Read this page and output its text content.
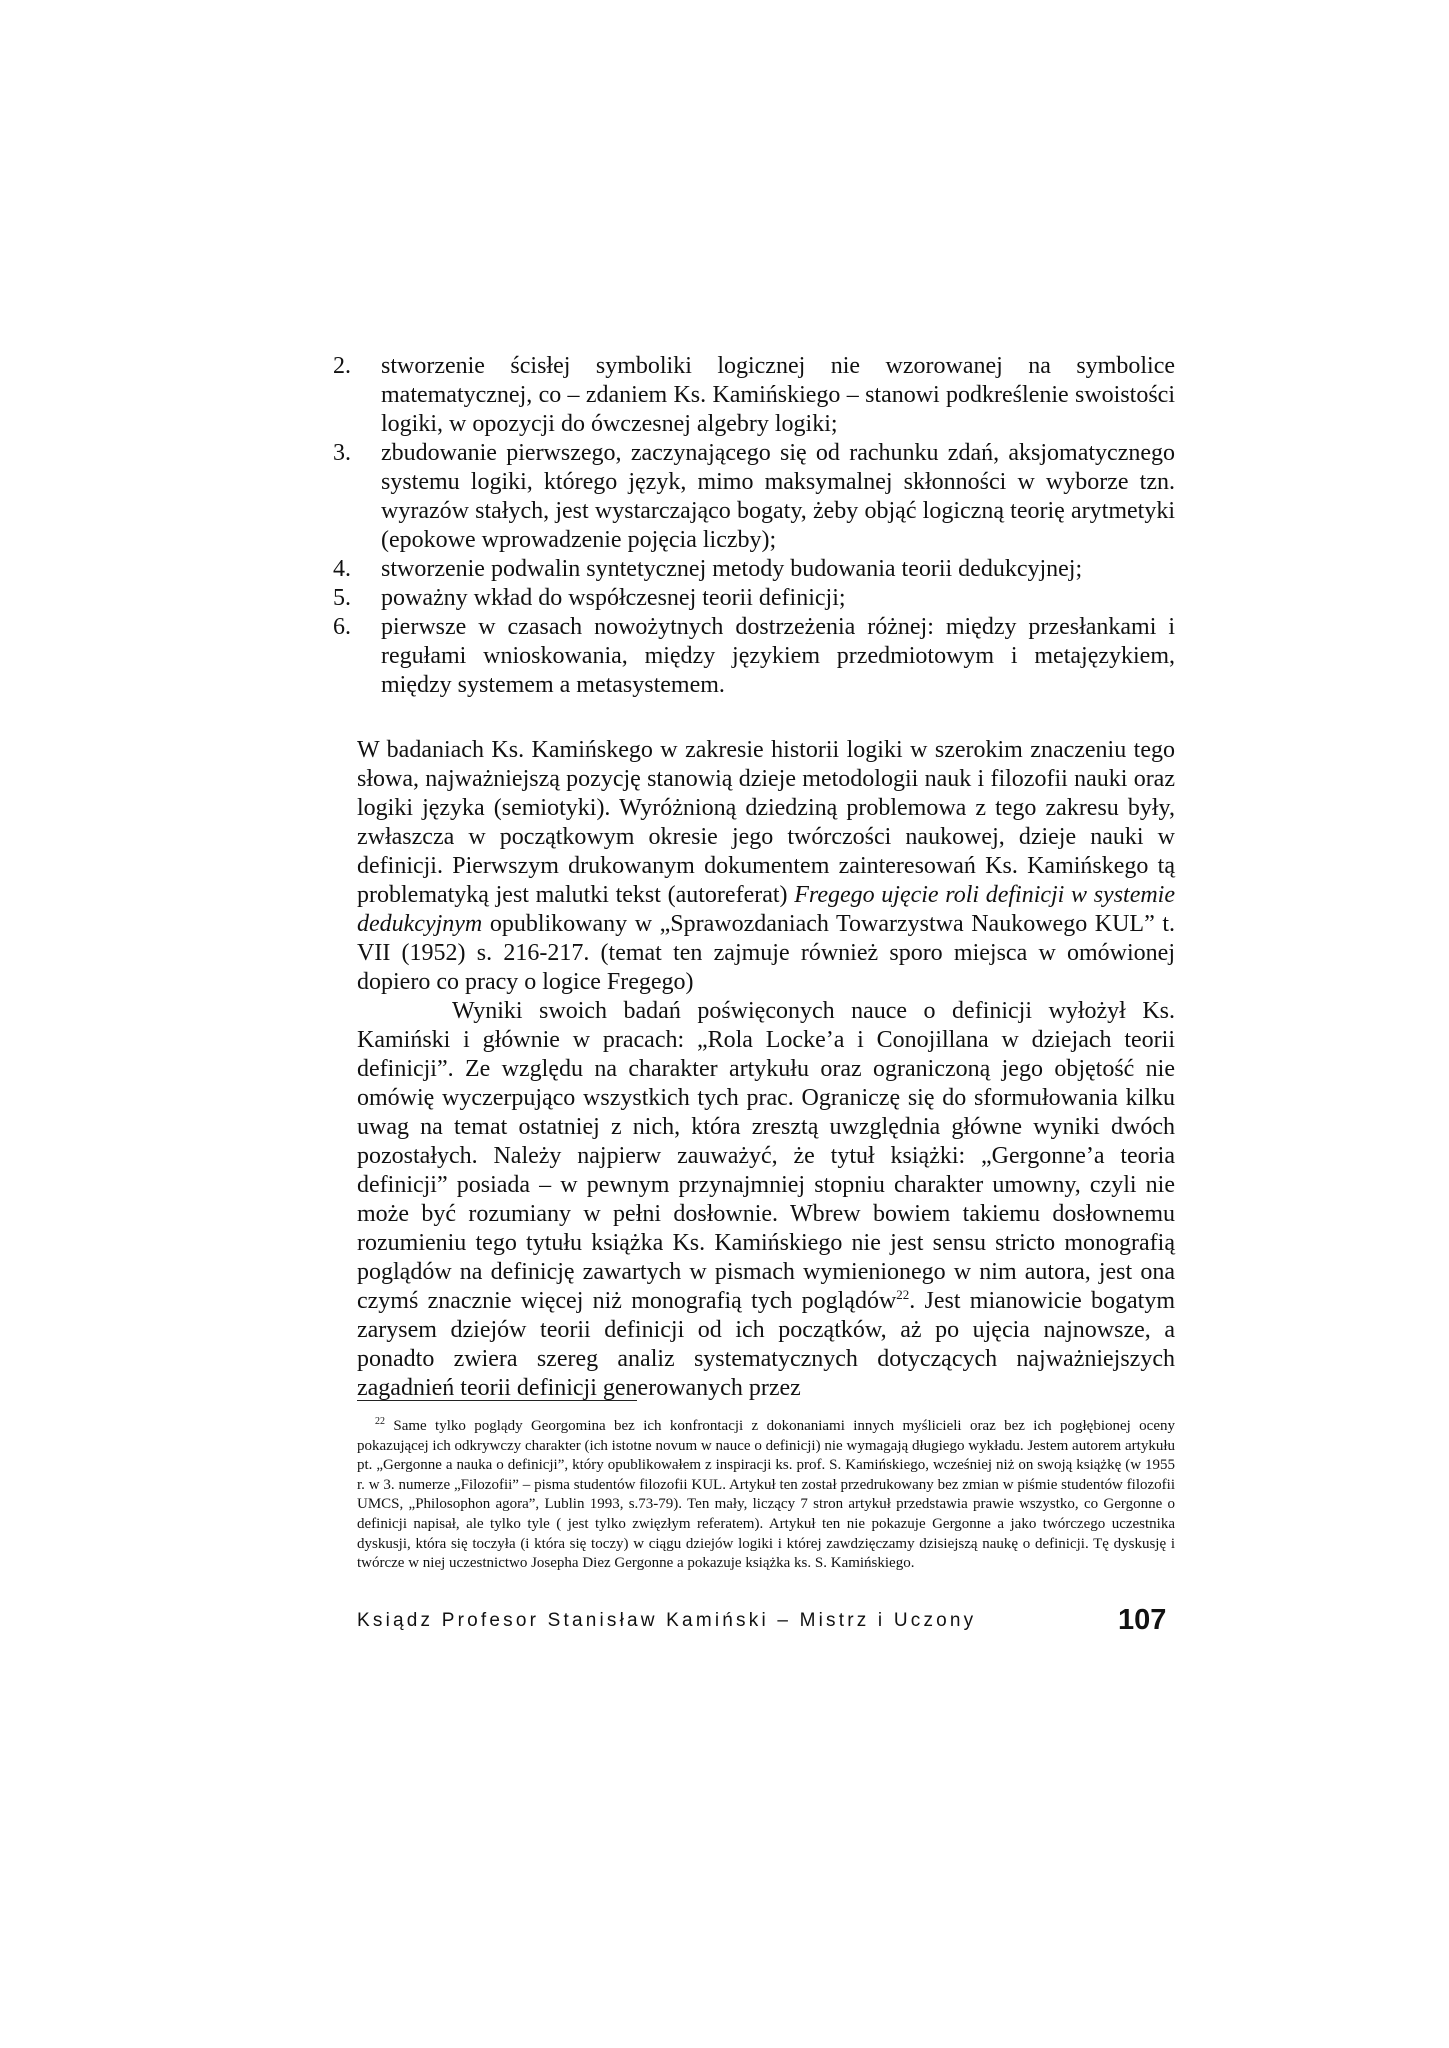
2.	stworzenie ścisłej symboliki logicznej nie wzorowanej na symbolice matematycznej, co – zdaniem Ks. Kamińskiego – stanowi podkreślenie swoistości logiki, w opozycji do ówczesnej algebry logiki;
3.	zbudowanie pierwszego, zaczynającego się od rachunku zdań, aksjomatycznego systemu logiki, którego język, mimo maksymalnej skłonności w wyborze tzn. wyrazów stałych, jest wystarczająco bogaty, żeby objąć logiczną teorię arytmetyki (epokowe wprowadzenie pojęcia liczby);
4.	stworzenie podwalin syntetycznej metody budowania teorii dedukcyjnej;
5.	poważny wkład do współczesnej teorii definicji;
6.	pierwsze w czasach nowożytnych dostrzeżenia różnej: między przesłankami i regułami wnioskowania, między językiem przedmiotowym i metajęzykiem, między systemem a metasystemem.

W badaniach Ks. Kamińskego w zakresie historii logiki w szerokim znaczeniu tego słowa, najważniejszą pozycję stanowią dzieje metodologii nauk i filozofii nauki oraz logiki języka (semiotyki). Wyróżnioną dziedziną problemowa z tego zakresu były, zwłaszcza w początkowym okresie jego twórczości naukowej, dzieje nauki w definicji. Pierwszym drukowanym dokumentem zainteresowań Ks. Kamińskego tą problematyką jest malutki tekst (autoreferat) Fregego ujęcie roli definicji w systemie dedukcyjnym opublikowany w „Sprawozdaniach Towarzystwa Naukowego KUL” t. VII (1952) s. 216-217. (temat ten zajmuje również sporo miejsca w omówionej dopiero co pracy o logice Fregego)

Wyniki swoich badań poświęconych nauce o definicji wyłożył Ks. Kamiński i głównie w pracach: „Rola Locke’a i Conojillana w dziejach teorii definicji”. Ze względu na charakter artykułu oraz ograniczoną jego objętość nie omówię wyczerpująco wszystkich tych prac. Ograniczę się do sformułowania kilku uwag na temat ostatniej z nich, która zresztą uwzględnia główne wyniki dwóch pozostałych. Należy najpierw zauważyć, że tytuł książki: „Gergonne’a teoria definicji” posiada – w pewnym przynajmniej stopniu charakter umowny, czyli nie może być rozumiany w pełni dosłownie. Wbrew bowiem takiemu dosłownemu rozumieniu tego tytułu książka Ks. Kamińskiego nie jest sensu stricto monografią poglądów na definicję zawartych w pismach wymienionego w nim autora, jest ona czymś znacznie więcej niż monografią tych poglądów$^{22}$. Jest mianowicie bogatym zarysem dziejów teorii definicji od ich początków, aż po ujęcia najnowsze, a ponadto zwiera szereg analiz systematycznych dotyczących najważniejszych zagadnień teorii definicji generowanych przez

$^{22}$ Same tylko poglądy Georgomina bez ich konfrontacji z dokonaniami innych myślicieli oraz bez ich pogłębionej oceny pokazującej ich odkrywczy charakter (ich istotne novum w nauce o definicji) nie wymagają długiego wykładu. Jestem autorem artykułu pt. „Gergonne a nauka o definicji”, który opublikowałem z inspiracji ks. prof. S. Kamińskiego, wcześniej niż on swoją książkę (w 1955 r. w 3. numerze „Filozofii” – pisma studentów filozofii KUL. Artykuł ten został przedrukowany bez zmian w piśmie studentów filozofii UMCS, „Philosophon agora”, Lublin 1993, s.73-79). Ten mały, liczący 7 stron artykuł przedstawia prawie wszystko, co Gergonne o definicji napisał, ale tylko tyle ( jest tylko zwięzłym referatem). Artykuł ten nie pokazuje Gergonne a jako twórczego uczestnika dyskusji, która się toczyła (i która się toczy) w ciągu dziejów logiki i której zawdzięczamy dzisiejszą naukę o definicji. Tę dyskusję i twórcze w niej uczestnictwo Josepha Diez Gergonne a pokazuje książka ks. S. Kamińskiego.
Ksiądz Profesor Stanisław Kamiński – Mistrz i Uczony	107
